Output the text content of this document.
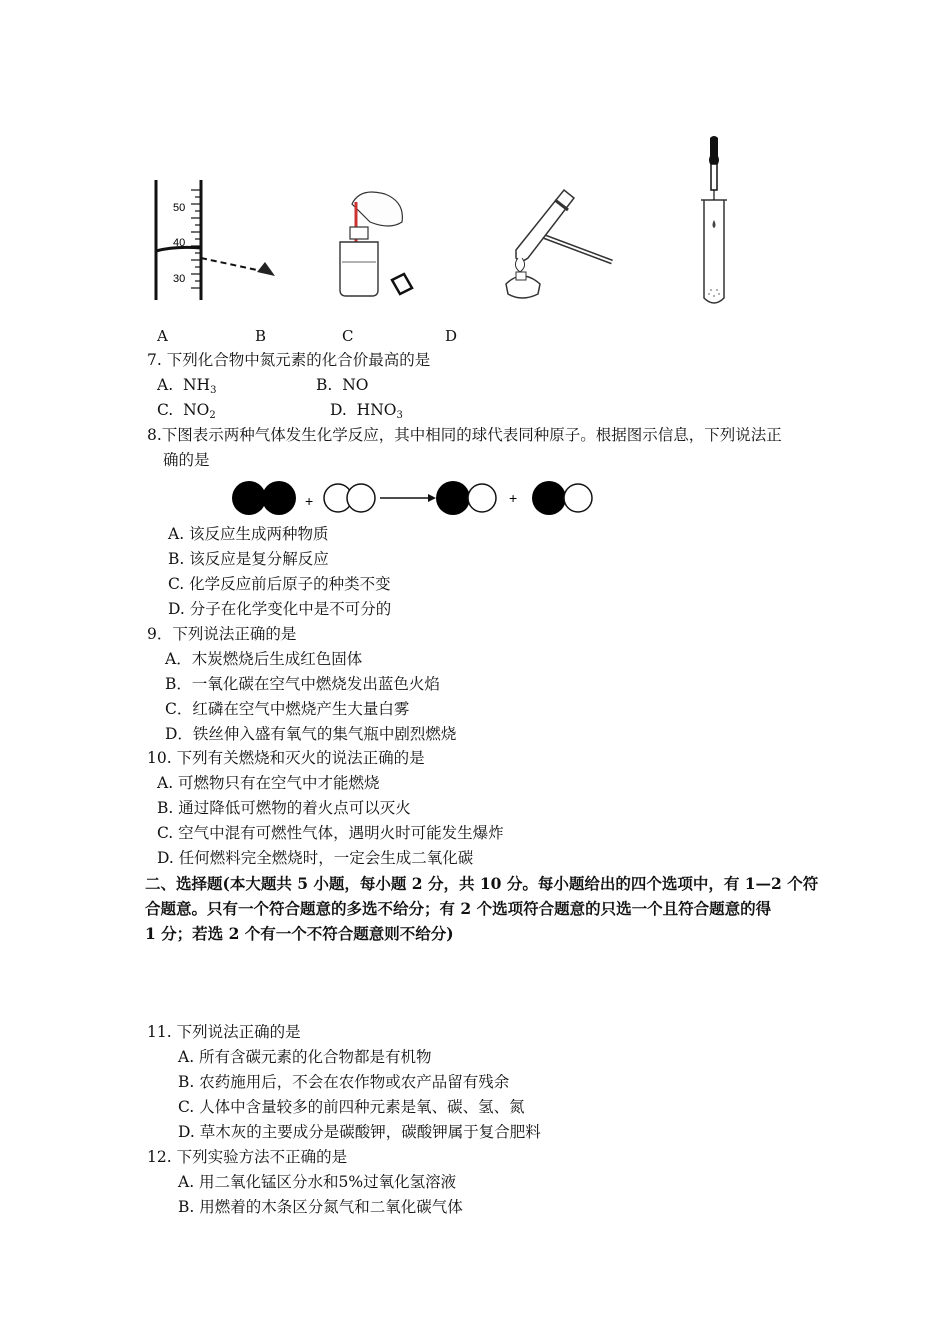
50
40
30
A	B	C	D
7. 下列化合物中氮元素的化合价最高的是
A. $NH_3$	B. NO
C. $NO_2$	D. $HNO_3$
8.下图表示两种气体发生化学反应，其中相同的球代表同种原子。根据图示信息，下列说法正
确的是
+	+
A. 该反应生成两种物质
B. 该反应是复分解反应
C. 化学反应前后原子的种类不变
D. 分子在化学变化中是不可分的
9．下列说法正确的是
A．木炭燃烧后生成红色固体
B．一氧化碳在空气中燃烧发出蓝色火焰
C．红磷在空气中燃烧产生大量白雾
D．铁丝伸入盛有氧气的集气瓶中剧烈燃烧
10. 下列有关燃烧和灭火的说法正确的是
A. 可燃物只有在空气中才能燃烧
B. 通过降低可燃物的着火点可以灭火
C. 空气中混有可燃性气体，遇明火时可能发生爆炸
D. 任何燃料完全燃烧时，一定会生成二氧化碳
二、选择题(本大题共 5 小题，每小题 2 分，共 10 分。每小题给出的四个选项中，有 1—2 个符
合题意。只有一个符合题意的多选不给分；有 2 个选项符合题意的只选一个且符合题意的得
1 分；若选 2 个有一个不符合题意则不给分)
11. 下列说法正确的是
A. 所有含碳元素的化合物都是有机物
B. 农药施用后，不会在农作物或农产品留有残余
C. 人体中含量较多的前四种元素是氧、碳、氢、氮
D. 草木灰的主要成分是碳酸钾，碳酸钾属于复合肥料
12. 下列实验方法不正确的是
A. 用二氧化锰区分水和5%过氧化氢溶液
B. 用燃着的木条区分氮气和二氧化碳气体
